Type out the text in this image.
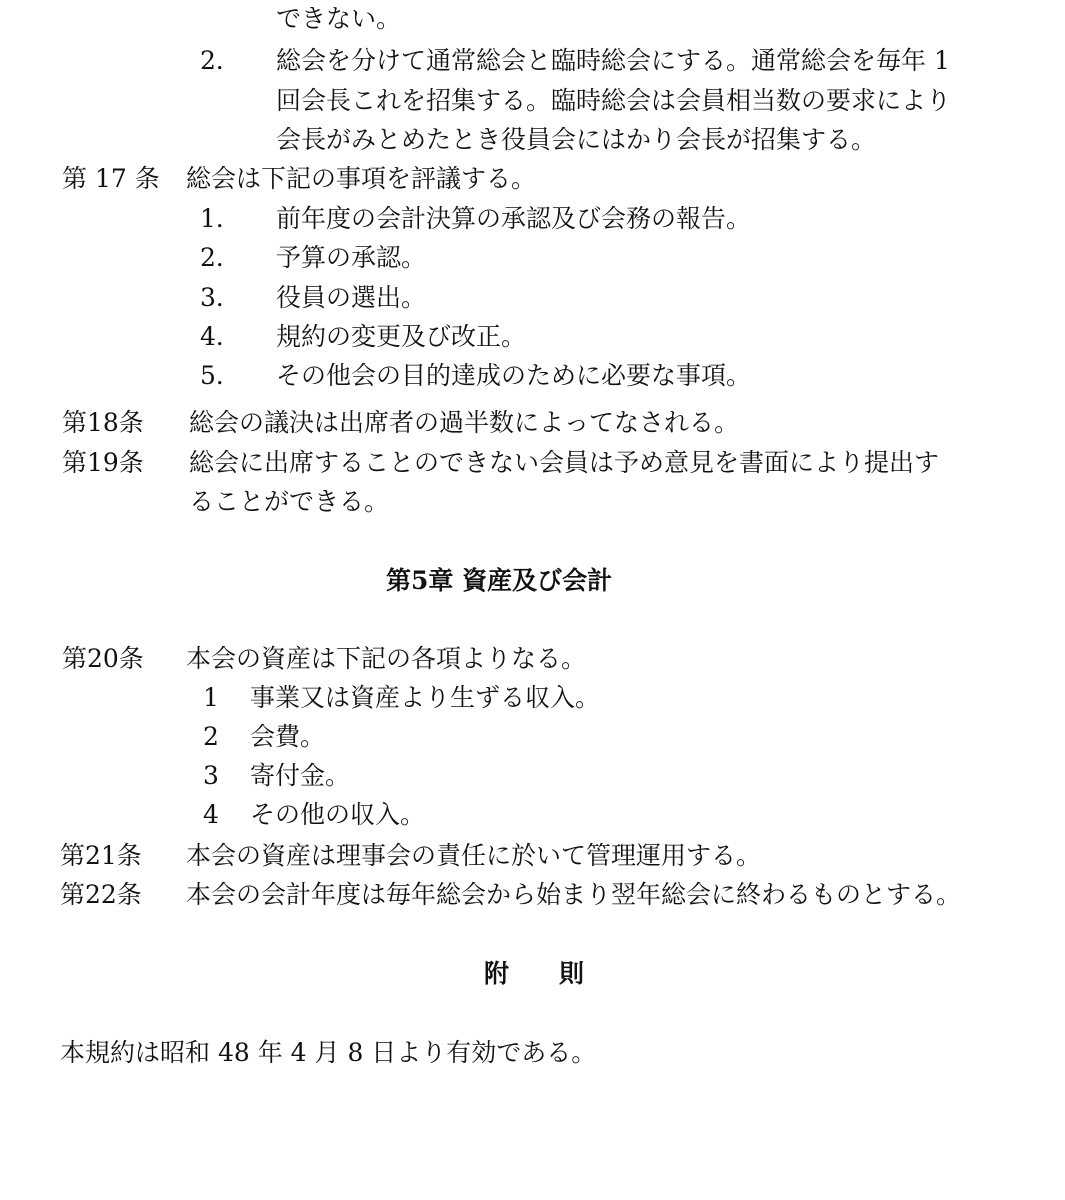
できない。
2． 総会を分けて通常総会と臨時総会にする。通常総会を毎年 1
回会長これを招集する。臨時総会は会員相当数の要求により
会長がみとめたとき役員会にはかり会長が招集する。
第 17 条 総会は下記の事項を評議する。
1． 前年度の会計決算の承認及び会務の報告。
2． 予算の承認。
3． 役員の選出。
4． 規約の変更及び改正。
5． その他会の目的達成のために必要な事項。
第18条 総会の議決は出席者の過半数によってなされる。
第19条 総会に出席することのできない会員は予め意見を書面により提出す
ることができる。
第5章 資産及び会計
第20条 本会の資産は下記の各項よりなる。
1 事業又は資産より生ずる収入。
2 会費。
3 寄付金。
4 その他の収入。
第21条 本会の資産は理事会の責任に於いて管理運用する。
第22条 本会の会計年度は毎年総会から始まり翌年総会に終わるものとする。
附　　則
本規約は昭和 48 年 4 月 8 日より有効である。
